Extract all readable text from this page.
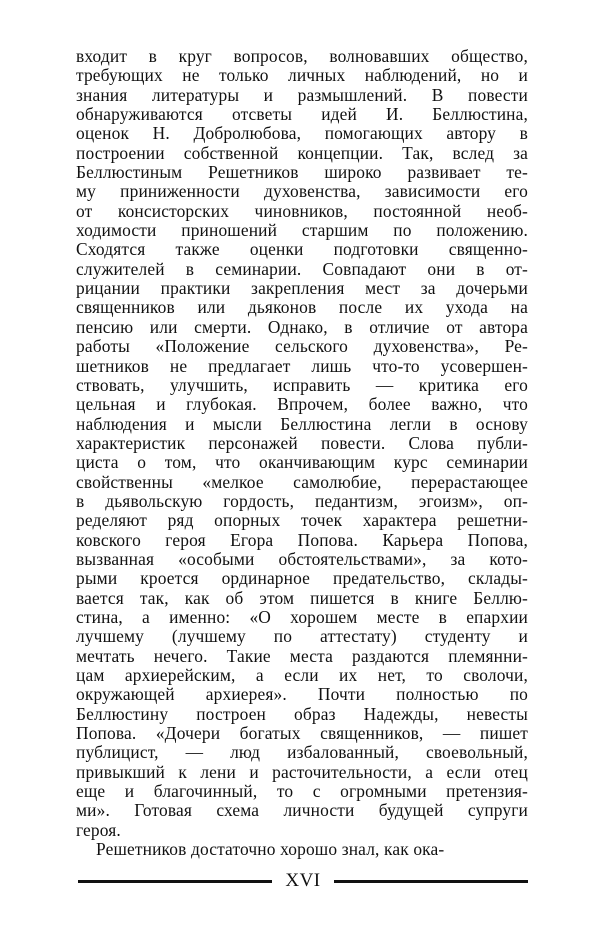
входит в круг вопросов, волновавших общество,
требующих не только личных наблюдений, но и
знания литературы и размышлений. В повести
обнаруживаются отсветы идей И. Беллюстина,
оценок Н. Добролюбова, помогающих автору в
построении собственной концепции. Так, вслед за
Беллюстиным Решетников широко развивает те-
му приниженности духовенства, зависимости его
от консисторских чиновников, постоянной необ-
ходимости приношений старшим по положению.
Сходятся также оценки подготовки священно-
служителей в семинарии. Совпадают они в от-
рицании практики закрепления мест за дочерьми
священников или дьяконов после их ухода на
пенсию или смерти. Однако, в отличие от автора
работы «Положение сельского духовенства», Ре-
шетников не предлагает лишь что-то усовершен-
ствовать, улучшить, исправить — критика его
цельная и глубокая. Впрочем, более важно, что
наблюдения и мысли Беллюстина легли в основу
характеристик персонажей повести. Слова публи-
циста о том, что оканчивающим курс семинарии
свойственны «мелкое самолюбие, перерастающее
в дьявольскую гордость, педантизм, эгоизм», оп-
ределяют ряд опорных точек характера решетни-
ковского героя Егора Попова. Карьера Попова,
вызванная «особыми обстоятельствами», за кото-
рыми кроется ординарное предательство, склады-
вается так, как об этом пишется в книге Беллю-
стина, а именно: «О хорошем месте в епархии
лучшему (лучшему по аттестату) студенту и
мечтать нечего. Такие места раздаются племянни-
цам архиерейским, а если их нет, то сволочи,
окружающей архиерея». Почти полностью по
Беллюстину построен образ Надежды, невесты
Попова. «Дочери богатых священников, — пишет
публицист, — люд избалованный, своевольный,
привыкший к лени и расточительности, а если отец
еще и благочинный, то с огромными претензия-
ми». Готовая схема личности будущей супруги
героя.

Решетников достаточно хорошо знал, как ока-

XVI
